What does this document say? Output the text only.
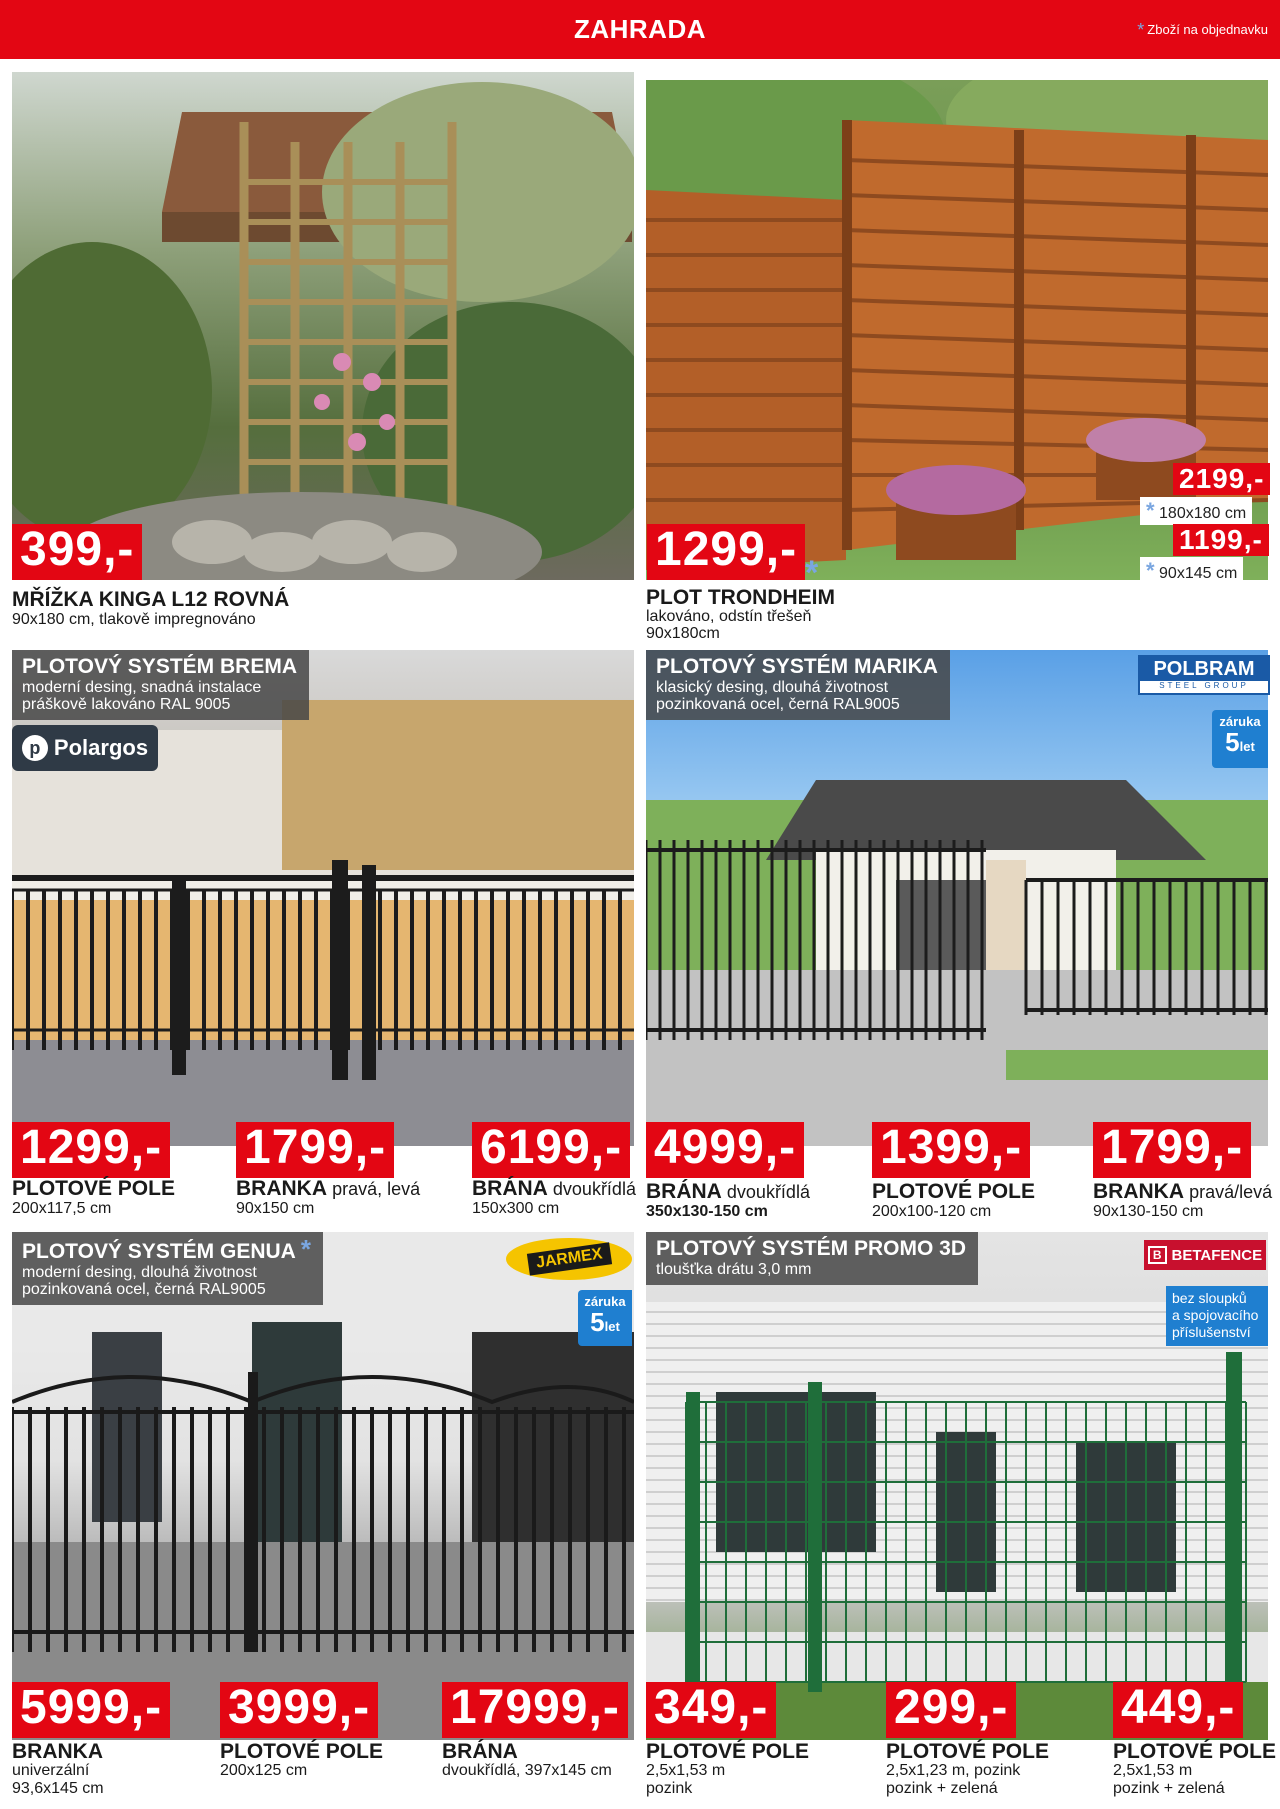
ZAHRADA	* Zboží na objednavku
399,-
MŘÍŽKA KINGA L12 ROVNÁ
90x180 cm, tlakově impregnováno
1299,- *
PLOT TRONDHEIM
lakováno, odstín třešeň
90x180cm
2199,-
* 180x180 cm
1199,-
* 90x145 cm
PLOTOVÝ SYSTÉM BREMA
moderní desing, snadná instalace
práškově lakováno RAL 9005
p Polargos
1299,- 1799,- 6199,-
PLOTOVÉ POLE
200x117,5 cm
BRANKA pravá, levá
90x150 cm
BRÁNA dvoukřídlá
150x300 cm
PLOTOVÝ SYSTÉM MARIKA
klasický desing, dlouhá životnost
pozinkovaná ocel, černá RAL9005
POLBRAM
STEEL GROUP
záruka
5let
4999,- 1399,- 1799,-
BRÁNA dvoukřídlá
350x130-150 cm
PLOTOVÉ POLE
200x100-120 cm
BRANKA pravá/levá
90x130-150 cm
PLOTOVÝ SYSTÉM GENUA *
moderní desing, dlouhá životnost
pozinkovaná ocel, černá RAL9005
JARMEX
záruka
5let
5999,- 3999,- 17999,-
BRANKA
univerzální
93,6x145 cm
PLOTOVÉ POLE
200x125 cm
BRÁNA
dvoukřídlá, 397x145 cm
PLOTOVÝ SYSTÉM PROMO 3D
tloušťka drátu 3,0 mm
B BETAFENCE
bez sloupků
a spojovacího
příslušenství
349,-	299,- 449,-
PLOTOVÉ POLE
2,5x1,53 m
pozink
PLOTOVÉ POLE
2,5x1,23 m, pozink
pozink + zelená
PLOTOVÉ POLE
2,5x1,53 m
pozink + zelená
